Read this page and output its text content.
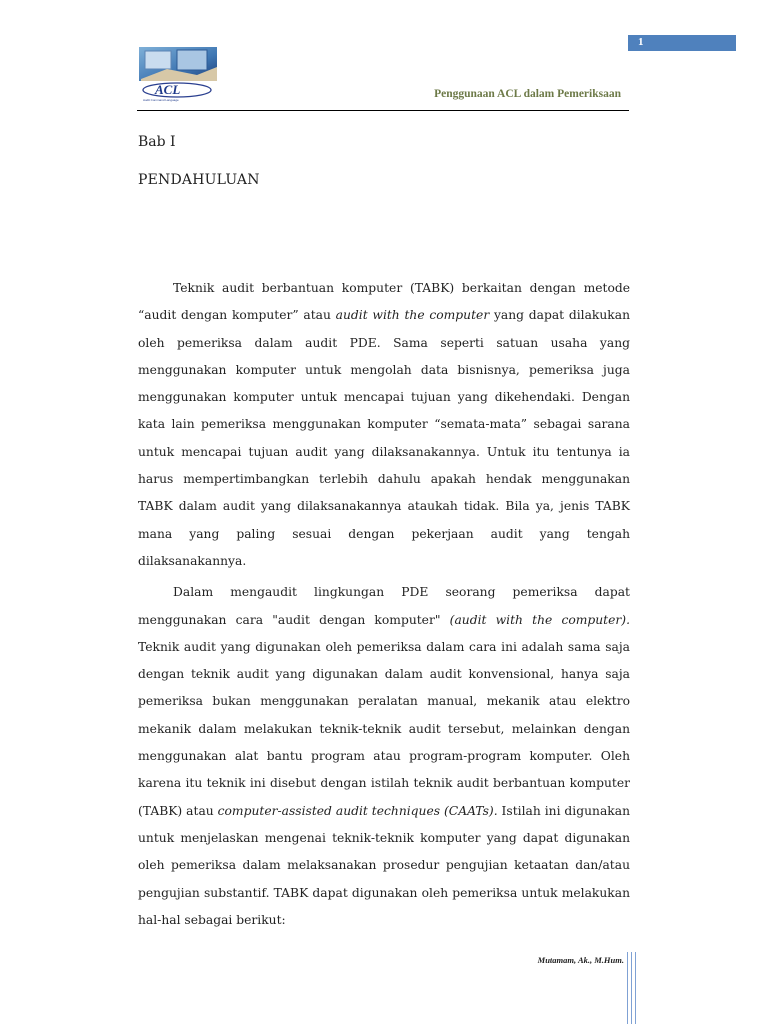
1
ACL
Audit Command Language	Penggunaan ACL dalam Pemeriksaan
Bab I
PENDAHULUAN

Teknik audit berbantuan komputer (TABK) berkaitan dengan metode “audit dengan komputer” atau audit with the computer yang dapat dilakukan oleh pemeriksa dalam audit PDE. Sama seperti satuan usaha yang menggunakan komputer untuk mengolah data bisnisnya, pemeriksa juga menggunakan komputer untuk mencapai tujuan yang dikehendaki. Dengan kata lain pemeriksa menggunakan komputer “semata-mata” sebagai sarana untuk mencapai tujuan audit yang dilaksanakannya. Untuk itu tentunya ia harus mempertimbangkan terlebih dahulu apakah hendak menggunakan TABK dalam audit yang dilaksanakannya ataukah tidak. Bila ya, jenis TABK mana yang paling sesuai dengan pekerjaan audit yang tengah dilaksanakannya.

Dalam mengaudit lingkungan PDE seorang pemeriksa dapat menggunakan cara "audit dengan komputer" (audit with the computer). Teknik audit yang digunakan oleh pemeriksa dalam cara ini adalah sama saja dengan teknik audit yang digunakan dalam audit konvensional, hanya saja pemeriksa bukan menggunakan peralatan manual, mekanik atau elektro mekanik dalam melakukan teknik-teknik audit tersebut, melainkan dengan menggunakan alat bantu program atau program-program komputer. Oleh karena itu teknik ini disebut dengan istilah teknik audit berbantuan komputer (TABK) atau computer-assisted audit techniques (CAATs). Istilah ini digunakan untuk menjelaskan mengenai teknik-teknik komputer yang dapat digunakan oleh pemeriksa dalam melaksanakan prosedur pengujian ketaatan dan/atau pengujian substantif. TABK dapat digunakan oleh pemeriksa untuk melakukan hal-hal sebagai berikut:

Mutamam, Ak., M.Hum.
